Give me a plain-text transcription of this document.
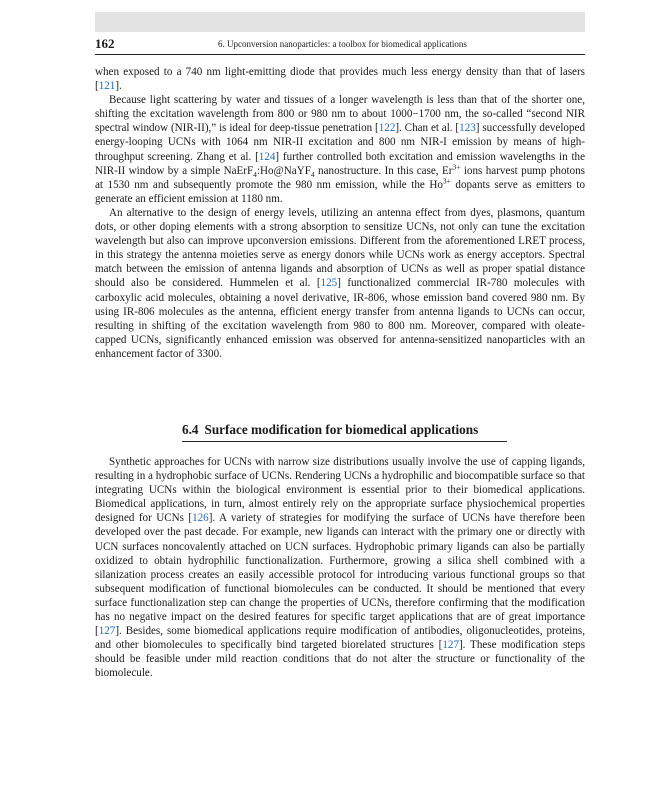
162	6. Upconversion nanoparticles: a toolbox for biomedical applications

when exposed to a 740 nm light-emitting diode that provides much less energy density than that of lasers [121].

Because light scattering by water and tissues of a longer wavelength is less than that of the shorter one, shifting the excitation wavelength from 800 or 980 nm to about 1000−1700 nm, the so-called “second NIR spectral window (NIR-II),” is ideal for deep-tissue penetration [122]. Chan et al. [123] successfully developed energy-looping UCNs with 1064 nm NIR-II excitation and 800 nm NIR-I emission by means of high-throughput screening. Zhang et al. [124] further controlled both excitation and emission wavelengths in the NIR-II window by a simple NaErF$_4$:Ho@NaYF$_4$ nanostructure. In this case, $Er^{3+}$ ions harvest pump photons at 1530 nm and subsequently promote the 980 nm emission, while the $Ho^{3+}$ dopants serve as emitters to generate an efficient emission at 1180 nm.

An alternative to the design of energy levels, utilizing an antenna effect from dyes, plasmons, quantum dots, or other doping elements with a strong absorption to sensitize UCNs, not only can tune the excitation wavelength but also can improve upconversion emissions. Different from the aforementioned LRET process, in this strategy the antenna moieties serve as energy donors while UCNs work as energy acceptors. Spectral match between the emission of antenna ligands and absorption of UCNs as well as proper spatial distance should also be considered. Hummelen et al. [125] functionalized commercial IR-780 molecules with carboxylic acid molecules, obtaining a novel derivative, IR-806, whose emission band covered 980 nm. By using IR-806 molecules as the antenna, efficient energy transfer from antenna ligands to UCNs can occur, resulting in shifting of the excitation wavelength from 980 to 800 nm. Moreover, compared with oleate-capped UCNs, significantly enhanced emission was observed for antenna-sensitized nanoparticles with an enhancement factor of 3300.

6.4 Surface modification for biomedical applications

Synthetic approaches for UCNs with narrow size distributions usually involve the use of capping ligands, resulting in a hydrophobic surface of UCNs. Rendering UCNs a hydrophilic and biocompatible surface so that integrating UCNs within the biological environment is essential prior to their biomedical applications. Biomedical applications, in turn, almost entirely rely on the appropriate surface physiochemical properties designed for UCNs [126]. A variety of strategies for modifying the surface of UCNs have therefore been developed over the past decade. For example, new ligands can interact with the primary one or directly with UCN surfaces noncovalently attached on UCN surfaces. Hydrophobic primary ligands can also be partially oxidized to obtain hydrophilic functionalization. Furthermore, growing a silica shell combined with a silanization process creates an easily accessible protocol for introducing various functional groups so that subsequent modification of functional biomolecules can be conducted. It should be mentioned that every surface functionalization step can change the properties of UCNs, therefore confirming that the modification has no negative impact on the desired features for specific target applications that are of great importance [127]. Besides, some biomedical applications require modification of antibodies, oligonucleotides, proteins, and other biomolecules to specifically bind targeted biorelated structures [127]. These modification steps should be feasible under mild reaction conditions that do not alter the structure or functionality of the biomolecule.
